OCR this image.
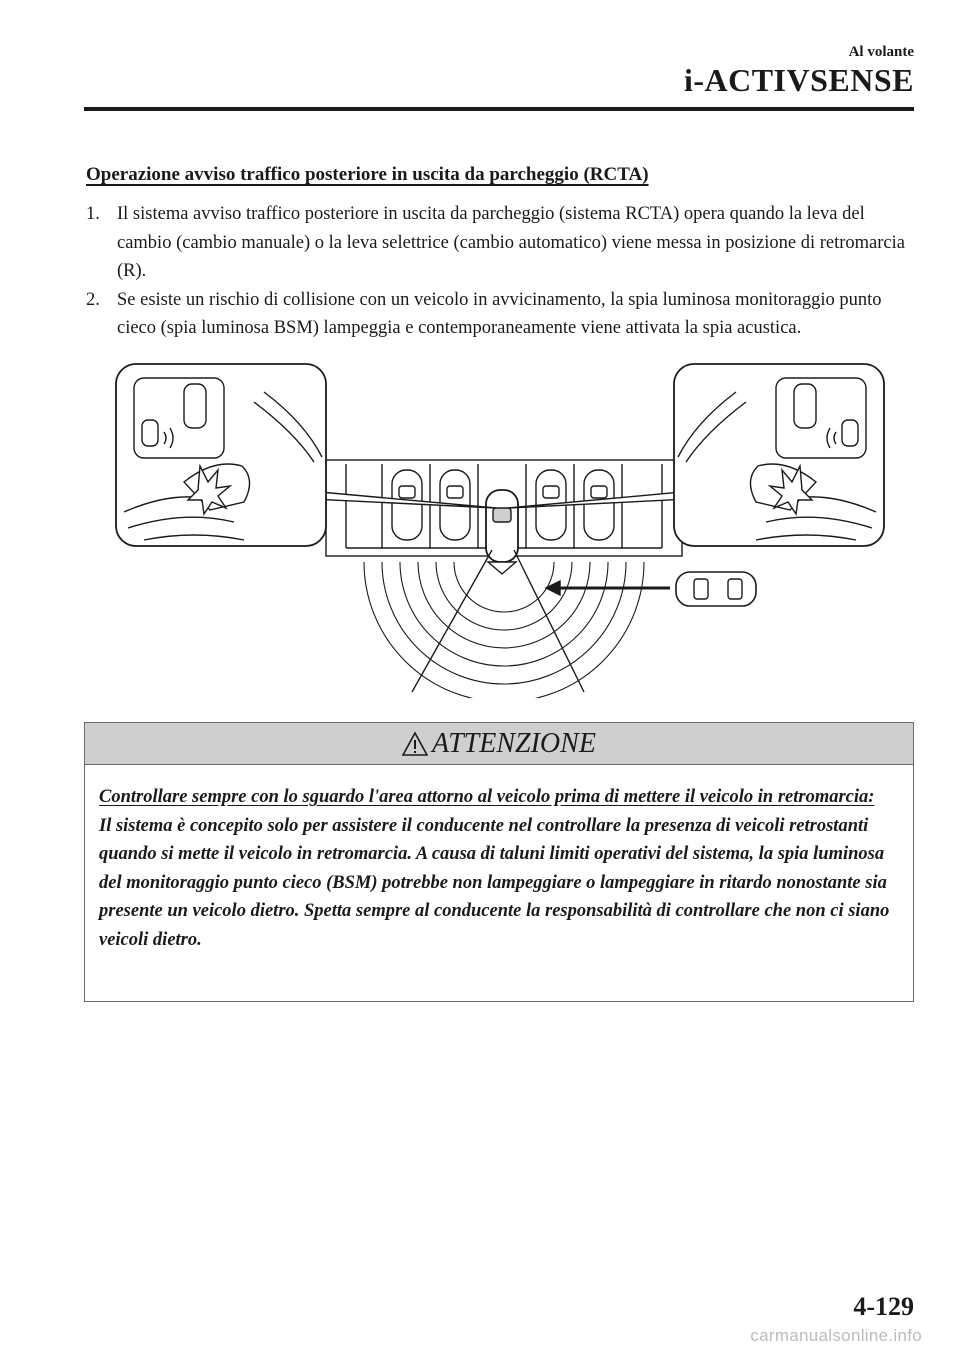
Al volante
i-ACTIVSENSE
Operazione avviso traffico posteriore in uscita da parcheggio (RCTA)
1. Il sistema avviso traffico posteriore in uscita da parcheggio (sistema RCTA) opera quando la leva del cambio (cambio manuale) o la leva selettrice (cambio automatico) viene messa in posizione di retromarcia (R).
2. Se esiste un rischio di collisione con un veicolo in avvicinamento, la spia luminosa monitoraggio punto cieco (spia luminosa BSM) lampeggia e contemporaneamente viene attivata la spia acustica.
ATTENZIONE
Controllare sempre con lo sguardo l'area attorno al veicolo prima di mettere il veicolo in retromarcia:
Il sistema è concepito solo per assistere il conducente nel controllare la presenza di veicoli retrostanti quando si mette il veicolo in retromarcia. A causa di taluni limiti operativi del sistema, la spia luminosa del monitoraggio punto cieco (BSM) potrebbe non lampeggiare o lampeggiare in ritardo nonostante sia presente un veicolo dietro. Spetta sempre al conducente la responsabilità di controllare che non ci siano veicoli dietro.
4-129
carmanualsonline.info
